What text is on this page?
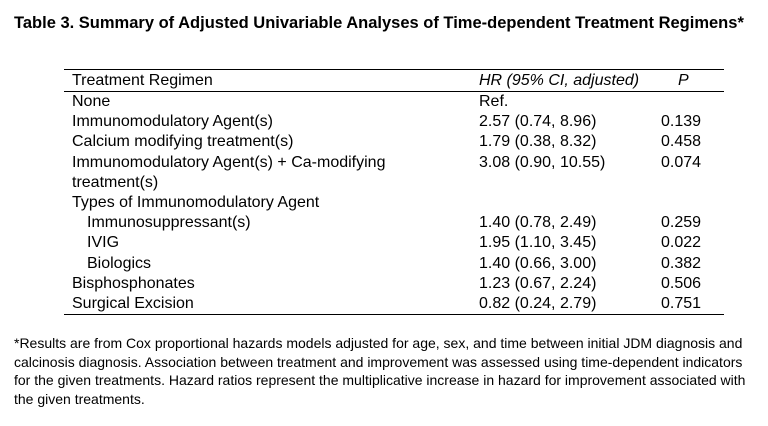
Table 3. Summary of Adjusted Univariable Analyses of Time-dependent Treatment Regimens*
Treatment Regimen	HR (95% CI, adjusted)	P
None	Ref.
Immunomodulatory Agent(s)	2.57 (0.74, 8.96)	0.139
Calcium modifying treatment(s)	1.79 (0.38, 8.32)	0.458
Immunomodulatory Agent(s) + Ca-modifying	3.08 (0.90, 10.55)	0.074
treatment(s)
Types of Immunomodulatory Agent
Immunosuppressant(s)	1.40 (0.78, 2.49)	0.259
IVIG	1.95 (1.10, 3.45)	0.022
Biologics	1.40 (0.66, 3.00)	0.382
Bisphosphonates	1.23 (0.67, 2.24)	0.506
Surgical Excision	0.82 (0.24, 2.79)	0.751
*Results are from Cox proportional hazards models adjusted for age, sex, and time between initial JDM diagnosis and calcinosis diagnosis. Association between treatment and improvement was assessed using time-dependent indicators for the given treatments. Hazard ratios represent the multiplicative increase in hazard for improvement associated with the given treatments.
